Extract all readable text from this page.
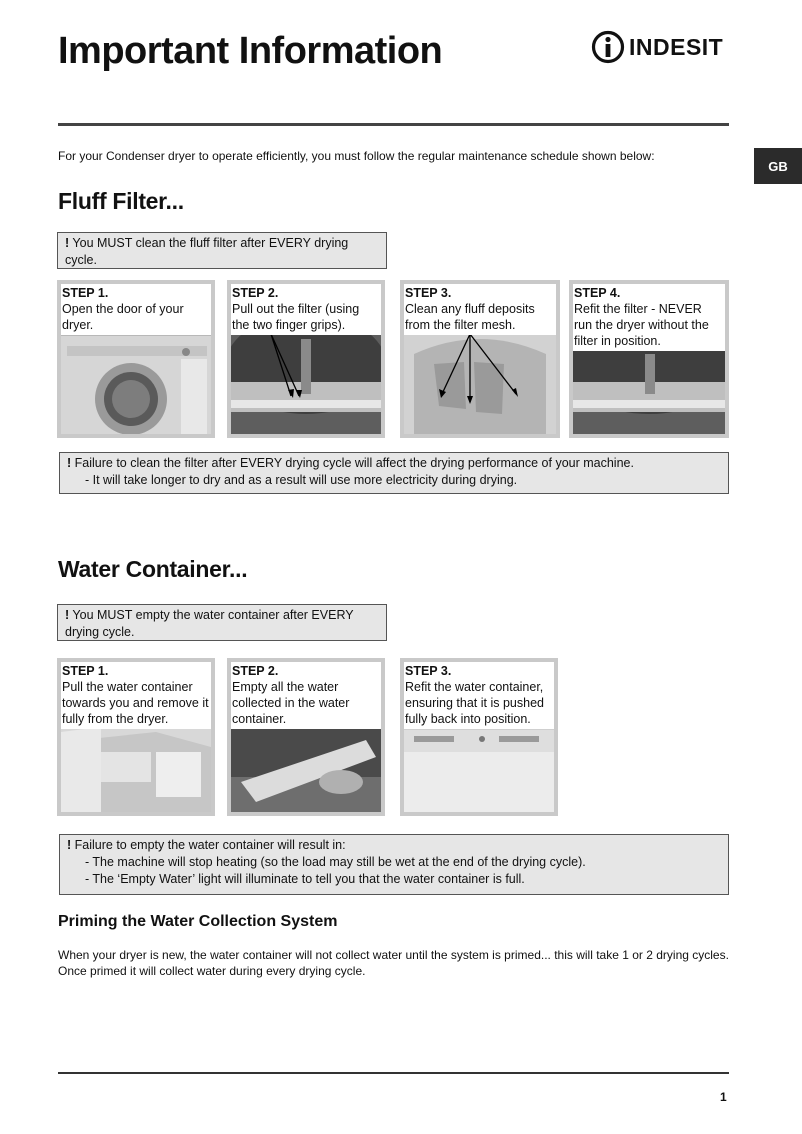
Important Information	INDESIT
GB
For your Condenser dryer to operate efficiently, you must follow the regular maintenance schedule shown below:
Fluff Filter...
! You MUST clean the fluff filter after EVERY drying cycle.
STEP 1.
Open the door of your dryer.
STEP 2.
Pull out the filter (using the two finger grips).
STEP 3.
Clean any fluff deposits from the filter mesh.
STEP 4.
Refit the filter - NEVER run the dryer without the filter in position.
! Failure to clean the filter after EVERY drying cycle will affect the drying performance of your machine.
- It will take longer to dry and as a result will use more electricity during drying.
Water Container...
! You MUST empty the water container after EVERY drying cycle.
STEP 1.
Pull the water container towards you and remove it fully from the dryer.
STEP 2.
Empty all the water collected in the water container.
STEP 3.
Refit the water container, ensuring that it is pushed fully back into position.
! Failure to empty the water container will result in:
- The machine will stop heating (so the load may still be wet at the end of the drying cycle).
- The ‘Empty Water’ light will illuminate to tell you that the water container is full.
Priming the Water Collection System
When your dryer is new, the water container will not collect water until the system is primed... this will take 1 or 2 drying cycles. Once primed it will collect water during every drying cycle.
1
